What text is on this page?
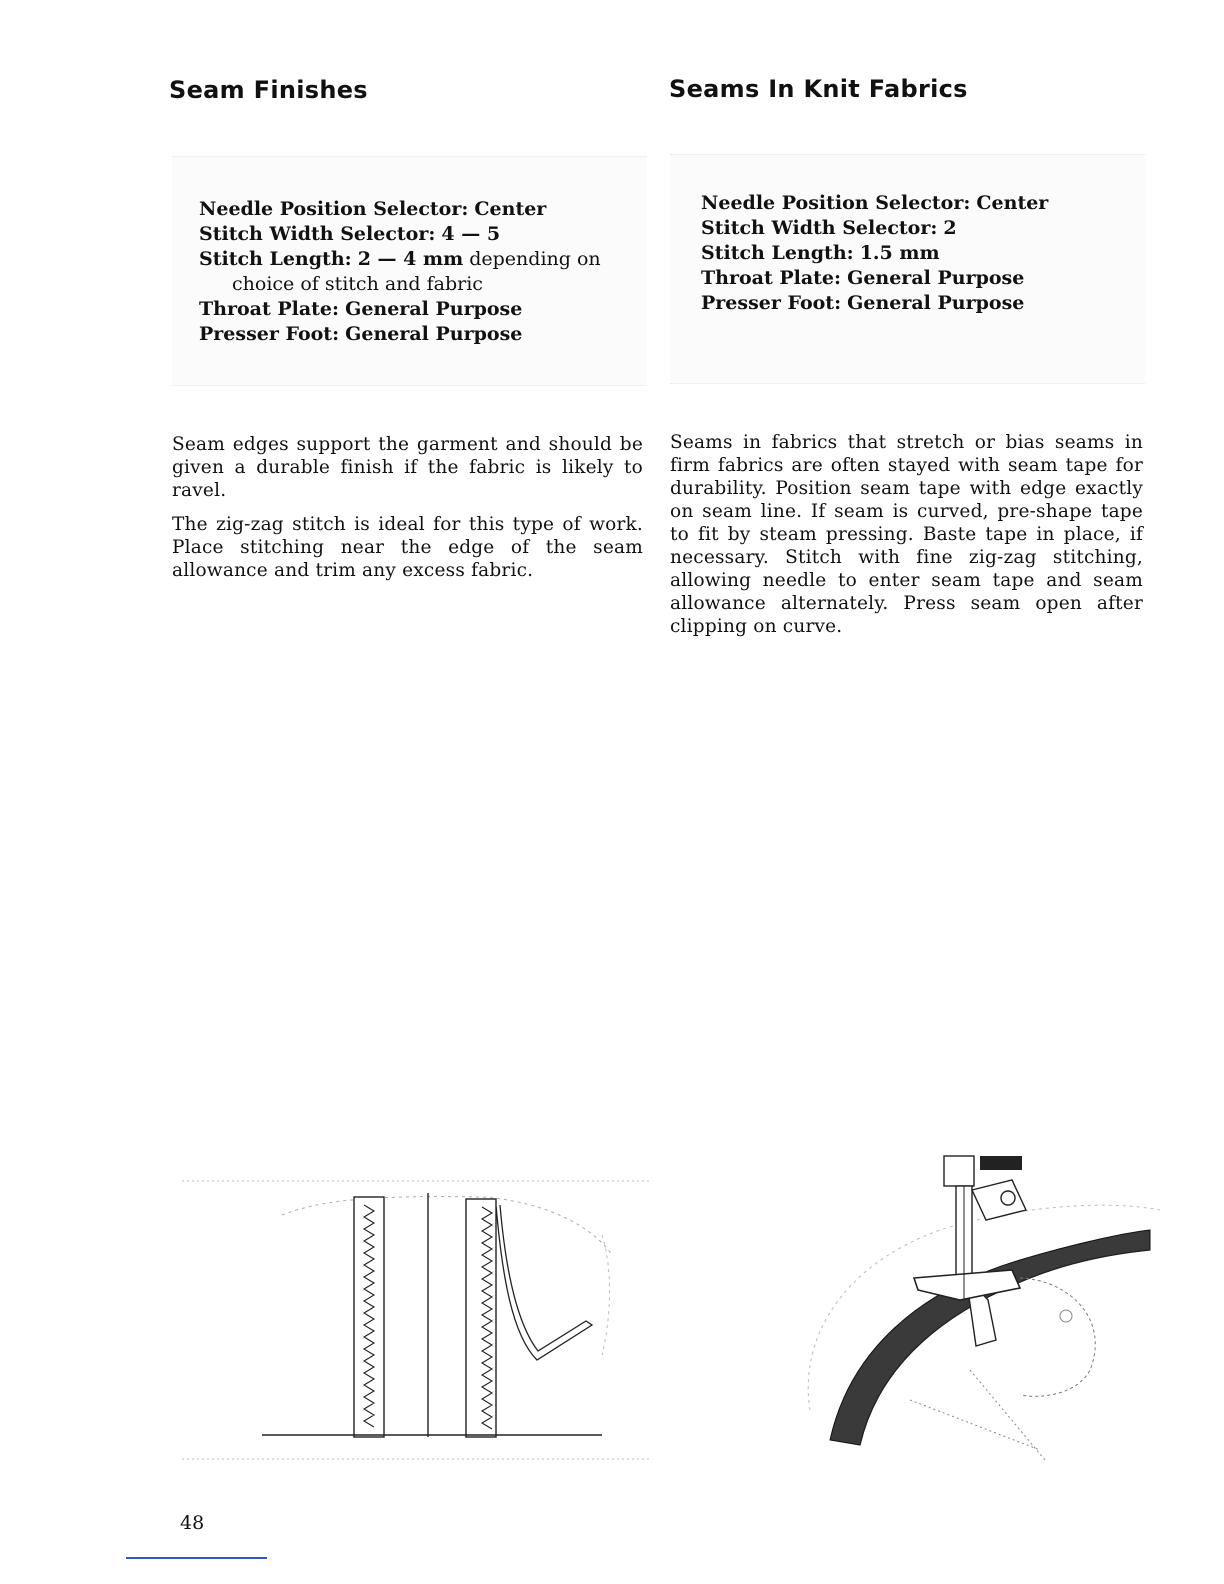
Seam Finishes	Seams In Knit Fabrics
Needle Position Selector: Center
Stitch Width Selector: 4 — 5
Stitch Length: 2 — 4 mm depending on
choice of stitch and fabric
Throat Plate: General Purpose
Presser Foot: General Purpose
Needle Position Selector: Center
Stitch Width Selector: 2
Stitch Length: 1.5 mm
Throat Plate: General Purpose
Presser Foot: General Purpose

Seam edges support the garment and should be given a durable finish if the fabric is likely to ravel.

The zig-zag stitch is ideal for this type of work. Place stitching near the edge of the seam allowance and trim any excess fabric.

Seams in fabrics that stretch or bias seams in firm fabrics are often stayed with seam tape for durability. Position seam tape with edge exactly on seam line. If seam is curved, pre-shape tape to fit by steam pressing. Baste tape in place, if necessary. Stitch with fine zig-zag stitching, allowing needle to enter seam tape and seam allowance alternately. Press seam open after clipping on curve.

48
